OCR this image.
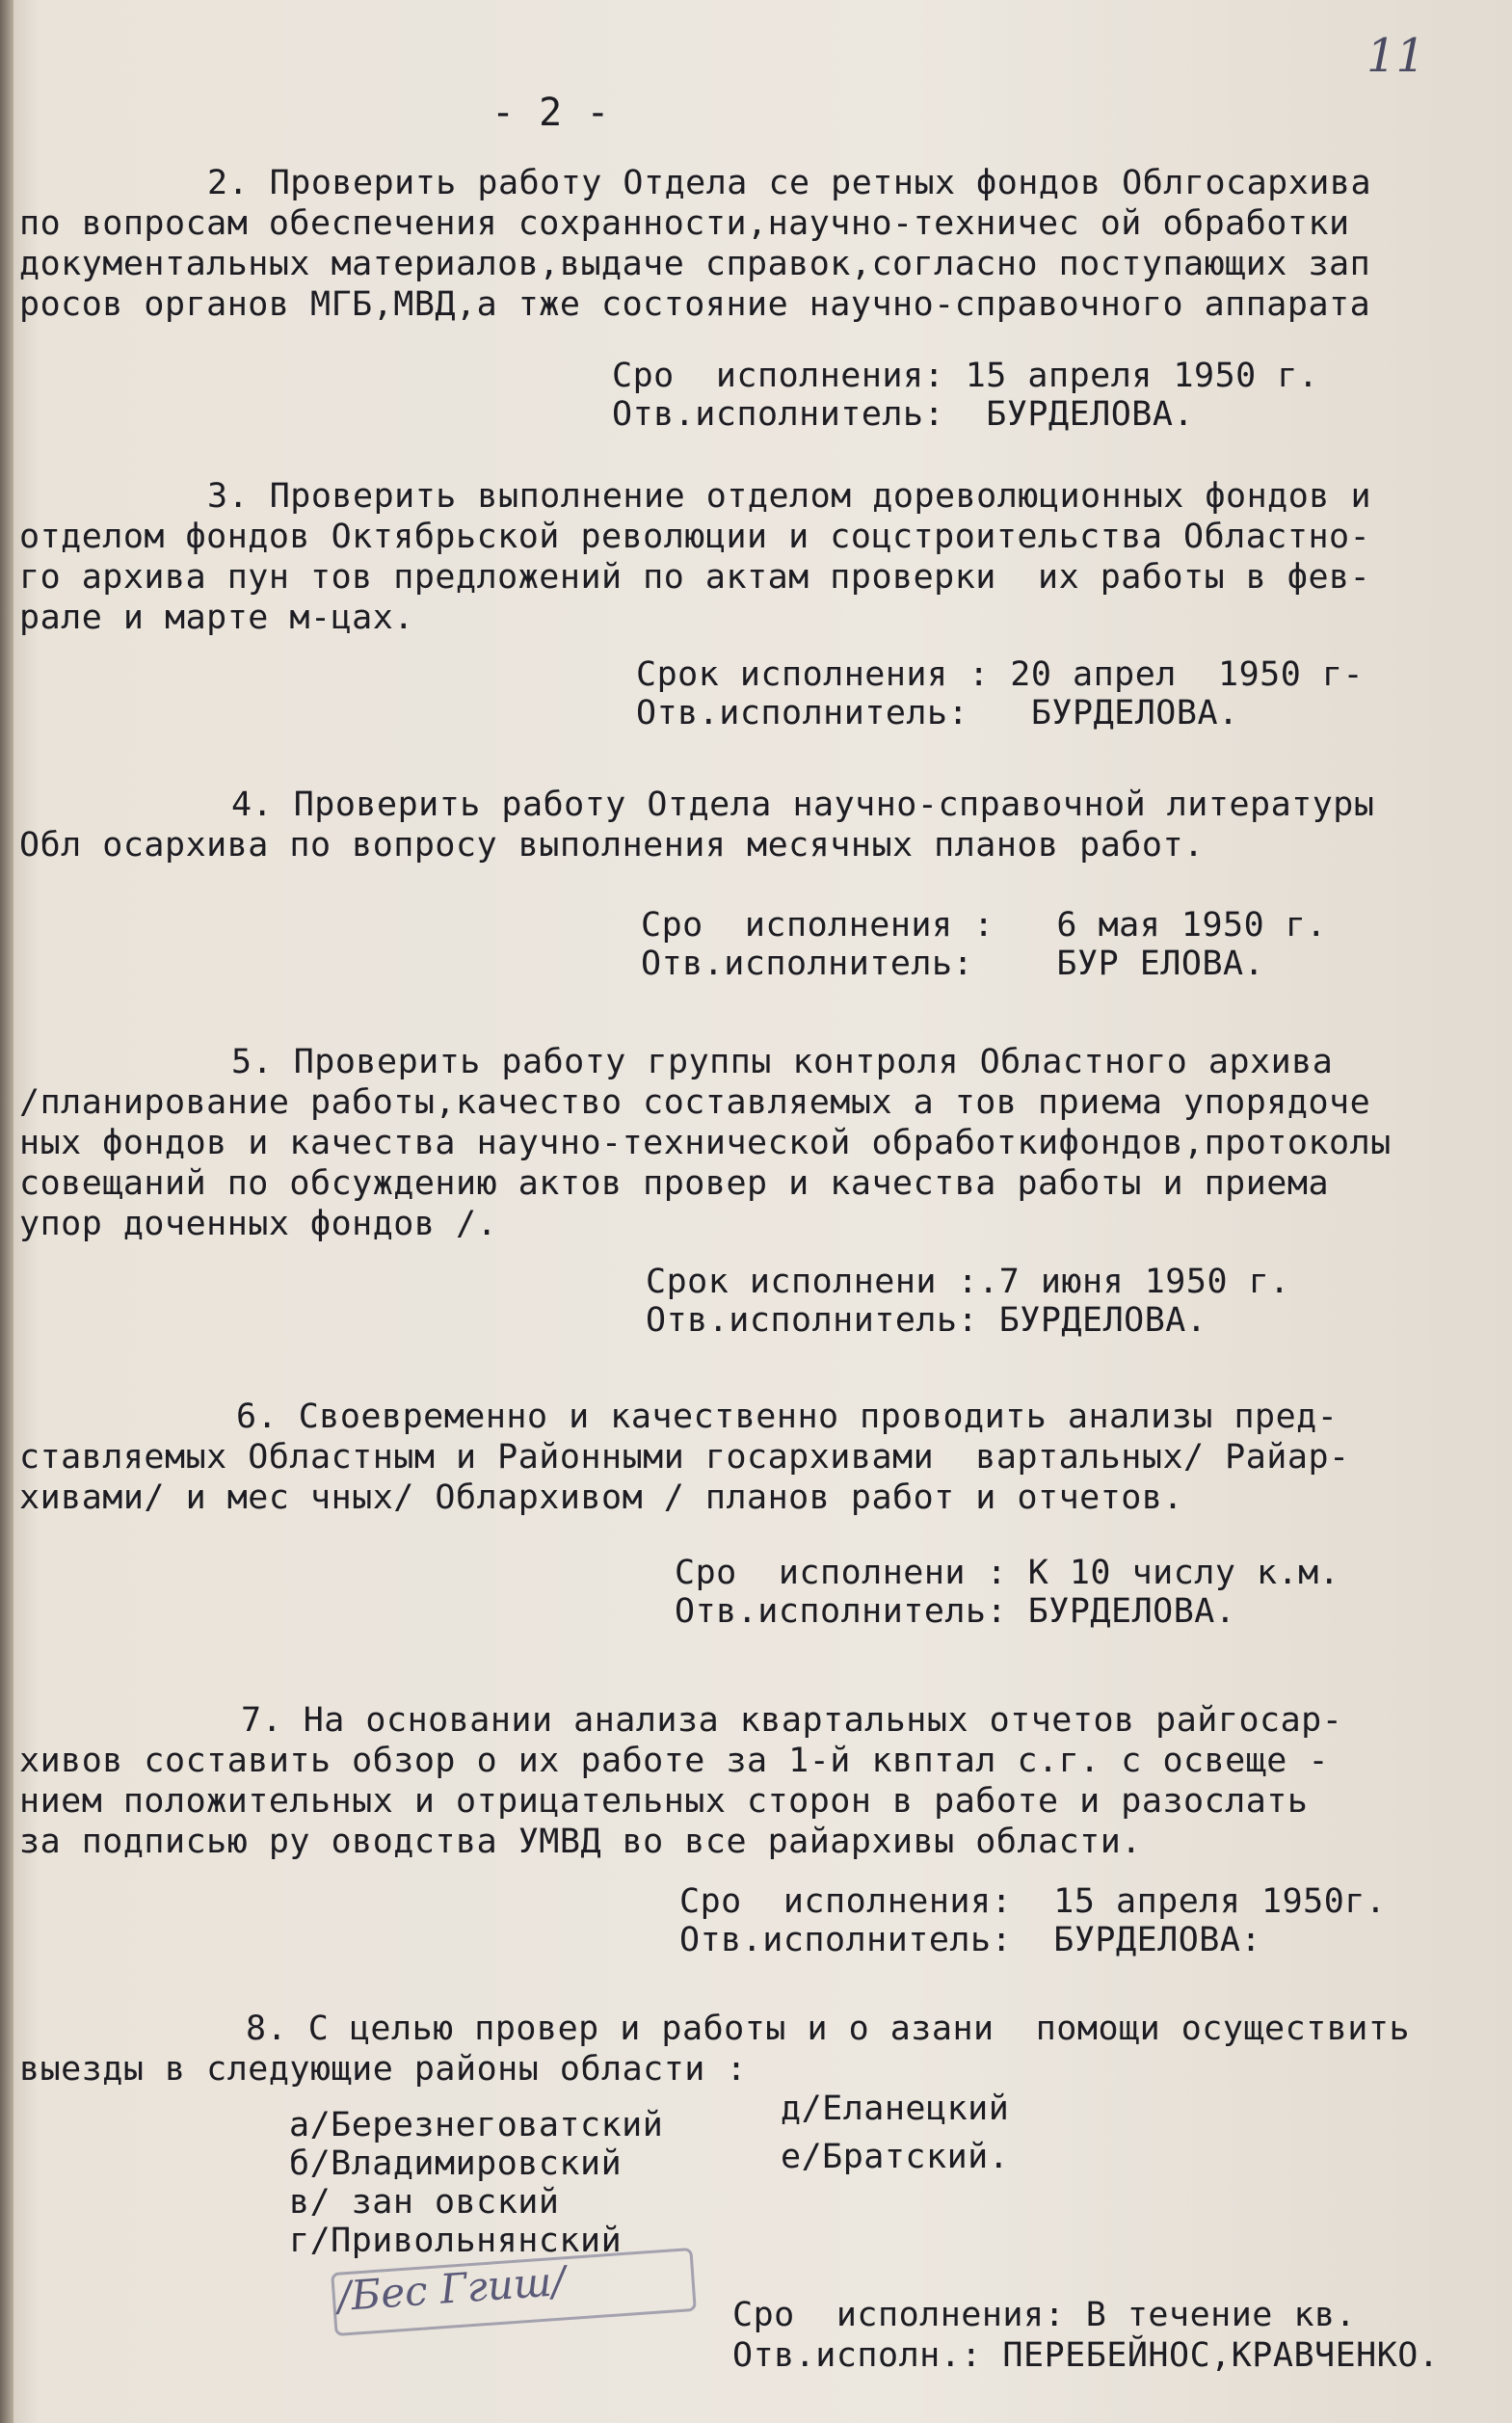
11
- 2 -
2. Проверить работу Отдела се ретных фондов Облгосархива
по вопросам обеспечения сохранности,научно-техничес ой обработки
документальных материалов,выдаче справок,согласно поступающих зап
росов органов МГБ,МВД,а тже состояние научно-справочного аппарата
Сро  исполнения: 15 апреля 1950 г.
Отв.исполнитель:  БУРДЕЛОВА.
3. Проверить выполнение отделом дореволюционных фондов и
отделом фондов Октябрьской революции и соцстроительства Областно-
го архива пун тов предложений по актам проверки  их работы в фев-
рале и марте м-цах.
Срок исполнения : 20 апрел  1950 г-
Отв.исполнитель:   БУРДЕЛОВА.
4. Проверить работу Отдела научно-справочной литературы
Обл осархива по вопросу выполнения месячных планов работ.
Сро  исполнения :   6 мая 1950 г.
Отв.исполнитель:    БУР ЕЛОВА.
5. Проверить работу группы контроля Областного архива
/планирование работы,качество составляемых а тов приема упорядоче
ных фондов и качества научно-технической обработкифондов,протоколы
совещаний по обсуждению актов провер и качества работы и приема
упор доченных фондов /.
Срок исполнени :.7 июня 1950 г.
Отв.исполнитель: БУРДЕЛОВА.
6. Своевременно и качественно проводить анализы пред-
ставляемых Областным и Районными госархивами  вартальных/ Райар-
хивами/ и мес чных/ Облархивом / планов работ и отчетов.
Сро  исполнени : К 10 числу к.м.
Отв.исполнитель: БУРДЕЛОВА.
7. На основании анализа квартальных отчетов райгосар-
хивов составить обзор о их работе за 1-й квптал с.г. с освеще -
нием положительных и отрицательных сторон в работе и разослать
за подписью ру оводства УМВД во все райархивы области.
Сро  исполнения:  15 апреля 1950г.
Отв.исполнитель:  БУРДЕЛОВА:
8. С целью провер и работы и о азани  помощи осуществить
выезды в следующие районы области :
а/Березнеговатский
б/Владимировский
в/ зан овский
г/Привольнянский
д/Еланецкий
е/Братский.
/Бес Ггиш/	Сро  исполнения: В течение кв.
Отв.исполн.: ПЕРЕБЕЙНОС,КРАВЧЕНКО.
